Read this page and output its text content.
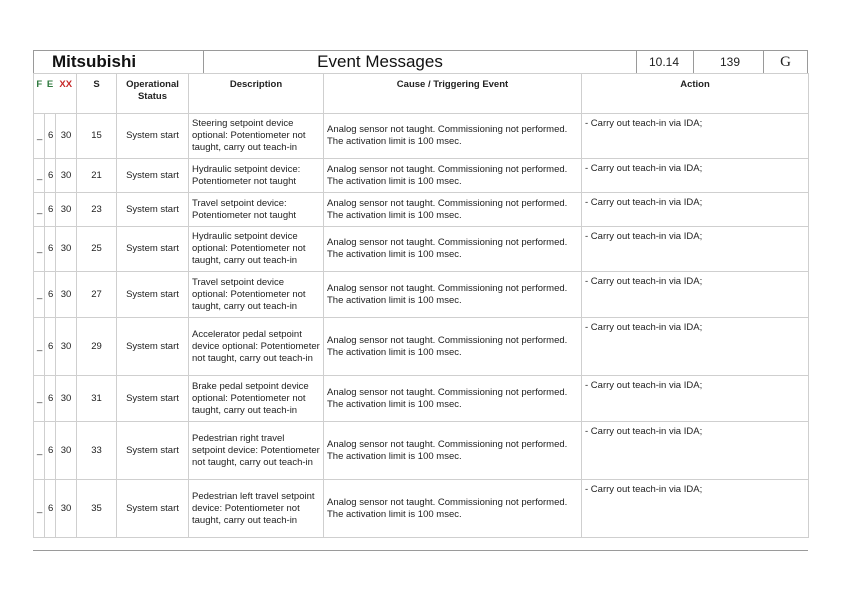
Mitsubishi	Event Messages	10.14	139	G
F	E	XX	S	Operational Status	Description	Cause / Triggering Event	Action
_	6	30	15	System start	Steering setpoint device optional: Potentiometer not taught, carry out teach-in	Analog sensor not taught. Commissioning not performed. The activation limit is 100 msec.	- Carry out teach-in via IDA;
_	6	30	21	System start	Hydraulic setpoint device: Potentiometer not taught	Analog sensor not taught. Commissioning not performed. The activation limit is 100 msec.	- Carry out teach-in via IDA;
_	6	30	23	System start	Travel setpoint device: Potentiometer not taught	Analog sensor not taught. Commissioning not performed. The activation limit is 100 msec.	- Carry out teach-in via IDA;
_	6	30	25	System start	Hydraulic setpoint device optional: Potentiometer not taught, carry out teach-in	Analog sensor not taught. Commissioning not performed. The activation limit is 100 msec.	- Carry out teach-in via IDA;
_	6	30	27	System start	Travel setpoint device optional: Potentiometer not taught, carry out teach-in	Analog sensor not taught. Commissioning not performed. The activation limit is 100 msec.	- Carry out teach-in via IDA;
_	6	30	29	System start	Accelerator pedal setpoint device optional: Potentiometer not taught, carry out teach-in	Analog sensor not taught. Commissioning not performed. The activation limit is 100 msec.	- Carry out teach-in via IDA;
_	6	30	31	System start	Brake pedal setpoint device optional: Potentiometer not taught, carry out teach-in	Analog sensor not taught. Commissioning not performed. The activation limit is 100 msec.	- Carry out teach-in via IDA;
_	6	30	33	System start	Pedestrian right travel setpoint device: Potentiometer not taught, carry out teach-in	Analog sensor not taught. Commissioning not performed. The activation limit is 100 msec.	- Carry out teach-in via IDA;
_	6	30	35	System start	Pedestrian left travel setpoint device: Potentiometer not taught, carry out teach-in	Analog sensor not taught. Commissioning not performed. The activation limit is 100 msec.	- Carry out teach-in via IDA;
